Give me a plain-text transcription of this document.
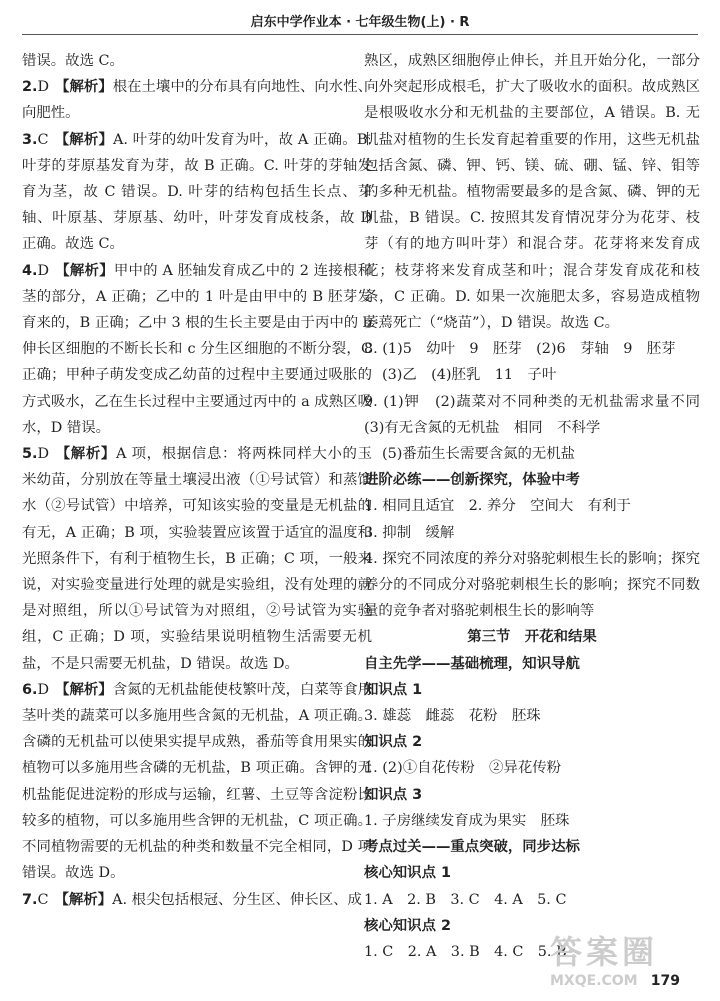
启东中学作业本 · 七年级生物(上) · R

错误。故选 C。

2.D 【解析】根在土壤中的分布具有向地性、向水性、向肥性。

3.C 【解析】A. 叶芽的幼叶发育为叶，故 A 正确。B. 叶芽的芽原基发育为芽，故 B 正确。C. 叶芽的芽轴发育为茎，故 C 错误。D. 叶芽的结构包括生长点、芽轴、叶原基、芽原基、幼叶，叶芽发育成枝条，故 D 正确。故选 C。

4.D 【解析】甲中的 A 胚轴发育成乙中的 2 连接根和茎的部分，A 正确；乙中的 1 叶是由甲中的 B 胚芽发育来的，B 正确；乙中 3 根的生长主要是由于丙中的 b 伸长区细胞的不断长长和 c 分生区细胞的不断分裂，C 正确；甲种子萌发变成乙幼苗的过程中主要通过吸胀的方式吸水，乙在生长过程中主要通过丙中的 a 成熟区吸水，D 错误。

5.D 【解析】A 项，根据信息：将两株同样大小的玉米幼苗，分别放在等量土壤浸出液（①号试管）和蒸馏水（②号试管）中培养，可知该实验的变量是无机盐的有无，A 正确；B 项，实验装置应该置于适宜的温度和光照条件下，有利于植物生长，B 正确；C 项，一般来说，对实验变量进行处理的就是实验组，没有处理的就是对照组，所以①号试管为对照组，②号试管为实验组，C 正确；D 项，实验结果说明植物生活需要无机盐，不是只需要无机盐，D 错误。故选 D。

6.D 【解析】含氮的无机盐能使枝繁叶茂，白菜等食用茎叶类的蔬菜可以多施用些含氮的无机盐，A 项正确。含磷的无机盐可以使果实提早成熟，番茄等食用果实的植物可以多施用些含磷的无机盐，B 项正确。含钾的无机盐能促进淀粉的形成与运输，红薯、土豆等含淀粉比较多的植物，可以多施用些含钾的无机盐，C 项正确。不同植物需要的无机盐的种类和数量不完全相同，D 项错误。故选 D。

7.C 【解析】A. 根尖包括根冠、分生区、伸长区、成

熟区，成熟区细胞停止伸长，并且开始分化，一部分向外突起形成根毛，扩大了吸收水的面积。故成熟区是根吸收水分和无机盐的主要部位，A 错误。B. 无机盐对植物的生长发育起着重要的作用，这些无机盐包括含氮、磷、钾、钙、镁、硫、硼、锰、锌、钼等的多种无机盐。植物需要最多的是含氮、磷、钾的无机盐，B 错误。C. 按照其发育情况芽分为花芽、枝芽（有的地方叫叶芽）和混合芽。花芽将来发育成花；枝芽将来发育成茎和叶；混合芽发育成花和枝条，C 正确。D. 如果一次施肥太多，容易造成植物萎蔫死亡（“烧苗”），D 错误。故选 C。

8. (1)5　幼叶　9　胚芽　(2)6　芽轴　9　胚芽

(3)乙　(4)胚乳　11　子叶

9. (1)钾　(2)蔬菜对不同种类的无机盐需求量不同　(3)有无含氮的无机盐　相同　不科学

(5)番茄生长需要含氮的无机盐

进阶必练——创新探究，体验中考

1. 相同且适宜　2. 养分　空间大　有利于

3. 抑制　缓解

4. 探究不同浓度的养分对骆驼刺根生长的影响；探究养分的不同成分对骆驼刺根生长的影响；探究不同数量的竞争者对骆驼刺根生长的影响等

第三节　开花和结果

自主先学——基础梳理，知识导航

知识点 1

3. 雄蕊　雌蕊　花粉　胚珠

知识点 2

1. (2)①自花传粉　②异花传粉

知识点 3

1. 子房继续发育成为果实　胚珠

考点过关——重点突破，同步达标

核心知识点 1

1. A　2. B　3. C　4. A　5. C

核心知识点 2

1. C　2. A　3. B　4. C　5. B

答案圈
MXQE.COM 179
